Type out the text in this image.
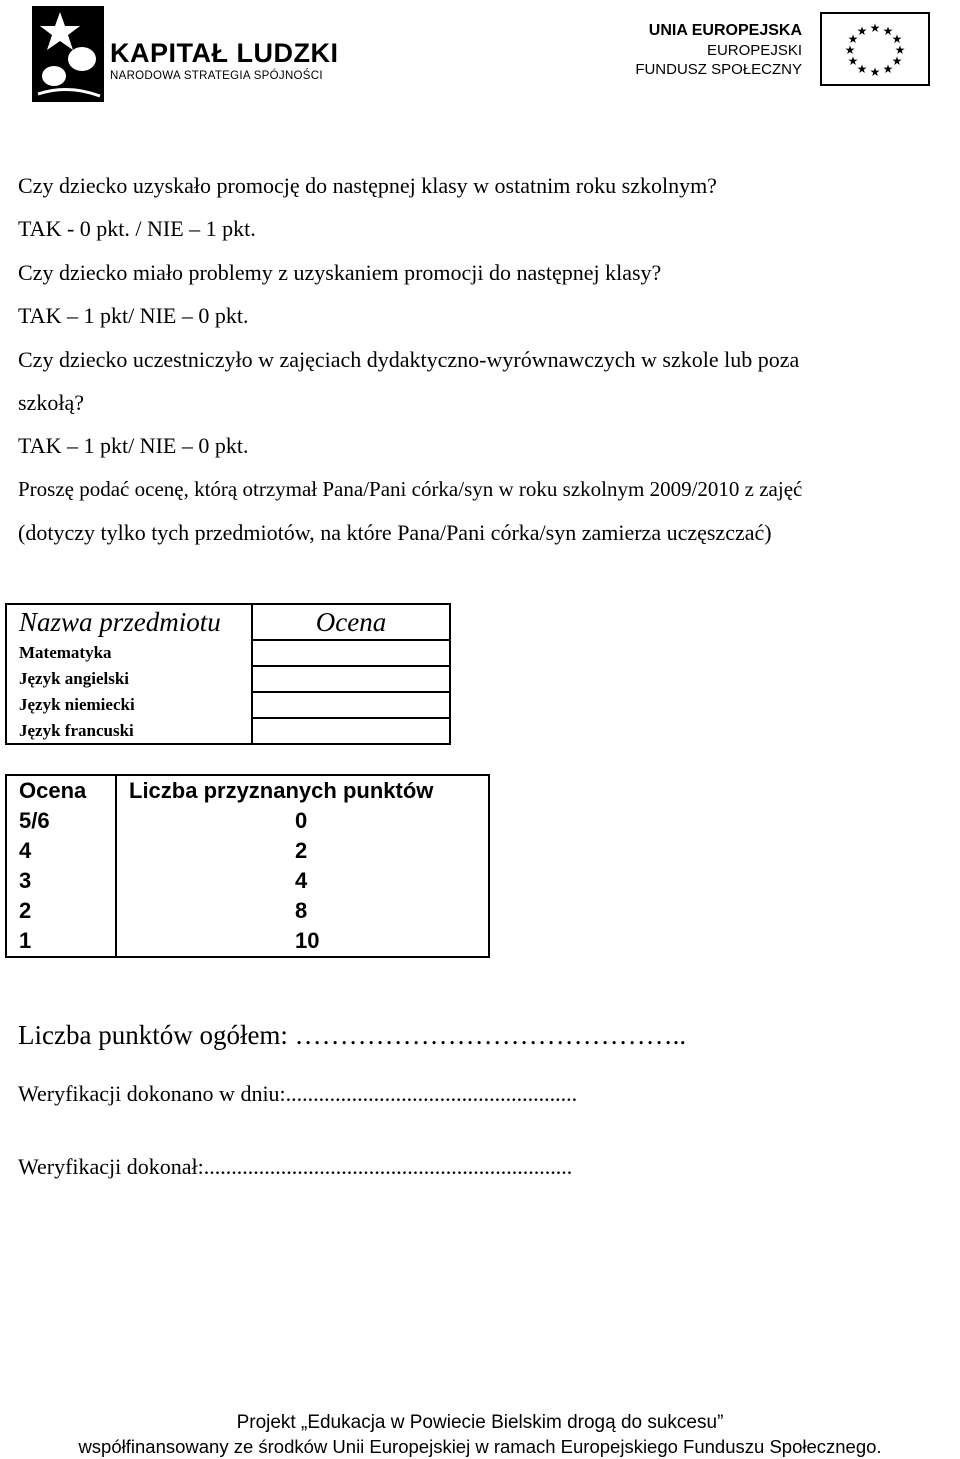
KAPITAŁ LUDZKI
NARODOWA STRATEGIA SPÓJNOŚCI
UNIA EUROPEJSKA
EUROPEJSKI
FUNDUSZ SPOŁECZNY
★ ★
★
★
★
★
★
★
★
★
★
★
Czy dziecko uzyskało promocję do następnej klasy w ostatnim roku szkolnym?
TAK - 0 pkt. / NIE – 1 pkt.
Czy dziecko miało problemy z uzyskaniem promocji do następnej klasy?
TAK – 1 pkt/ NIE – 0 pkt.
Czy dziecko uczestniczyło w zajęciach dydaktyczno-wyrównawczych w szkole lub poza
szkołą?
TAK – 1 pkt/ NIE – 0 pkt.
Proszę podać ocenę, którą otrzymał Pana/Pani córka/syn w roku szkolnym 2009/2010 z zajęć
(dotyczy tylko tych przedmiotów, na które Pana/Pani córka/syn zamierza uczęszczać)
Nazwa przedmiotu	Ocena
Matematyka	
Język angielski	
Język niemiecki	
Język francuski	
Ocena	Liczba przyznanych punktów
5/6	0
4	2
3	4
2	8
1	10
Liczba punktów ogółem: ……………………………………..
Weryfikacji dokonano w dniu:.....................................................
Weryfikacji dokonał:...................................................................
Projekt „Edukacja w Powiecie Bielskim drogą do sukcesu”
współfinansowany ze środków Unii Europejskiej w ramach Europejskiego Funduszu Społecznego.
